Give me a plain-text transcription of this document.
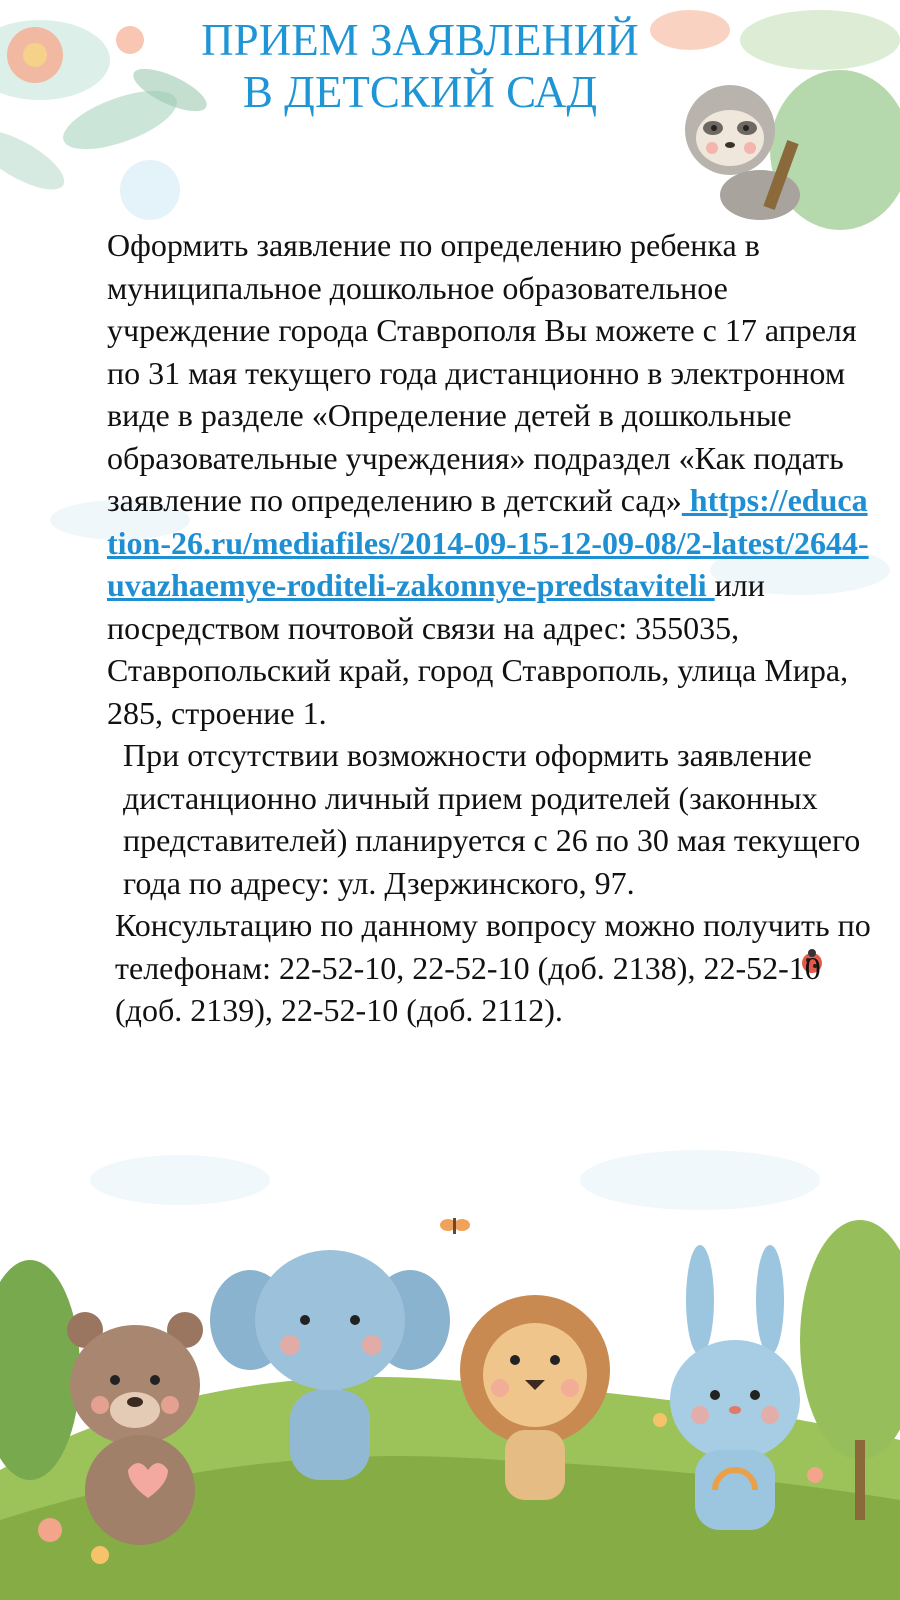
ПРИЕМ ЗАЯВЛЕНИЙ
В ДЕТСКИЙ САД

Оформить заявление по определению ребенка в муниципальное дошкольное образовательное учреждение города Ставрополя Вы можете с 17 апреля по 31 мая текущего года дистанционно в электронном виде в разделе «Определение детей в дошкольные образовательные учреждения» подраздел «Как подать заявление по определению в детский сад» https://education-26.ru/mediafiles/2014-09-15-12-09-08/2-latest/2644-uvazhaemye-roditeli-zakonnye-predstaviteli или посредством почтовой связи на адрес: 355035, Ставропольский край, город Ставрополь, улица Мира, 285, строение 1.

При отсутствии возможности оформить заявление дистанционно личный прием родителей (законных представителей) планируется с 26 по 30 мая текущего года по адресу: ул. Дзержинского, 97.

Консультацию по данному вопросу можно получить по телефонам: 22-52-10, 22-52-10 (доб. 2138), 22-52-10 (доб. 2139), 22-52-10 (доб. 2112).
